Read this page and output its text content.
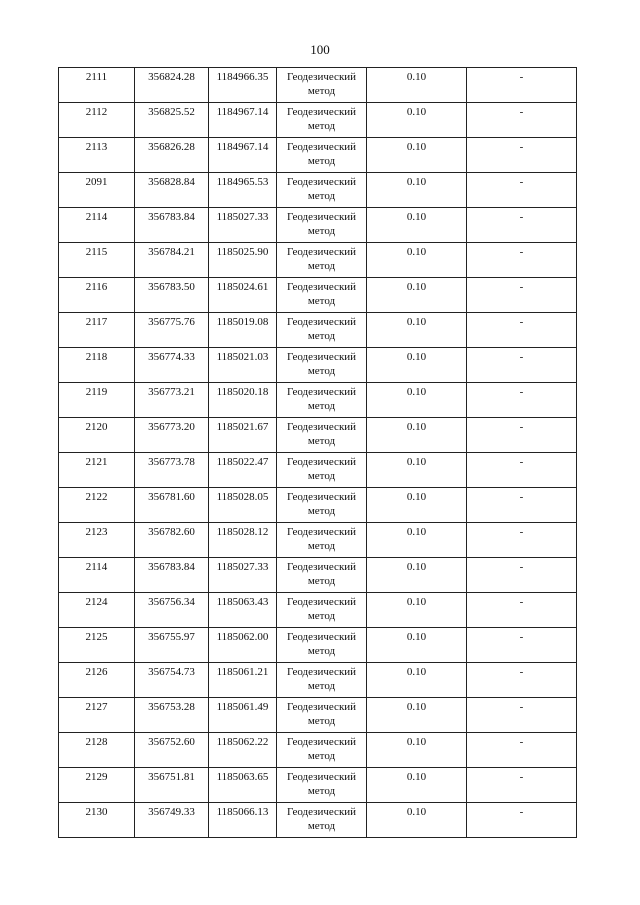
100
2111	356824.28	1184966.35	Геодезический метод	0.10	-
2112	356825.52	1184967.14	Геодезический метод	0.10	-
2113	356826.28	1184967.14	Геодезический метод	0.10	-
2091	356828.84	1184965.53	Геодезический метод	0.10	-
2114	356783.84	1185027.33	Геодезический метод	0.10	-
2115	356784.21	1185025.90	Геодезический метод	0.10	-
2116	356783.50	1185024.61	Геодезический метод	0.10	-
2117	356775.76	1185019.08	Геодезический метод	0.10	-
2118	356774.33	1185021.03	Геодезический метод	0.10	-
2119	356773.21	1185020.18	Геодезический метод	0.10	-
2120	356773.20	1185021.67	Геодезический метод	0.10	-
2121	356773.78	1185022.47	Геодезический метод	0.10	-
2122	356781.60	1185028.05	Геодезический метод	0.10	-
2123	356782.60	1185028.12	Геодезический метод	0.10	-
2114	356783.84	1185027.33	Геодезический метод	0.10	-
2124	356756.34	1185063.43	Геодезический метод	0.10	-
2125	356755.97	1185062.00	Геодезический метод	0.10	-
2126	356754.73	1185061.21	Геодезический метод	0.10	-
2127	356753.28	1185061.49	Геодезический метод	0.10	-
2128	356752.60	1185062.22	Геодезический метод	0.10	-
2129	356751.81	1185063.65	Геодезический метод	0.10	-
2130	356749.33	1185066.13	Геодезический метод	0.10	-
